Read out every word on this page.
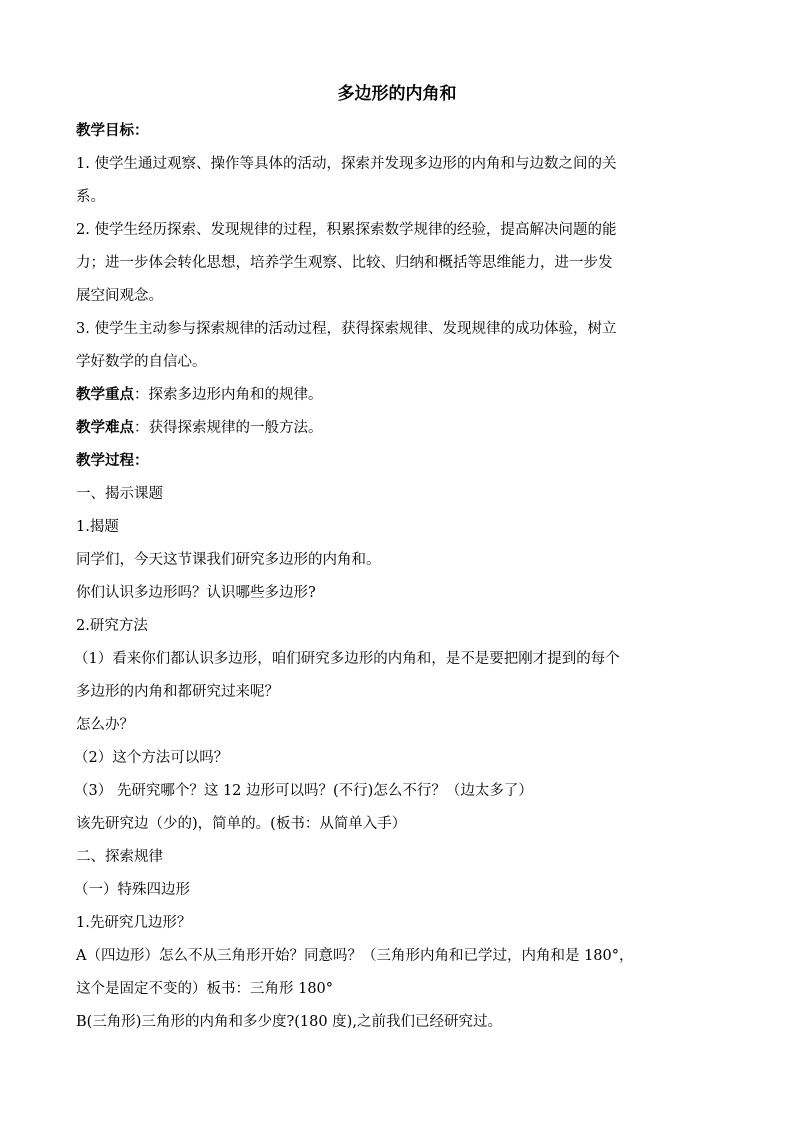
多边形的内角和
教学目标：
1. 使学生通过观察、操作等具体的活动，探索并发现多边形的内角和与边数之间的关
系。
2. 使学生经历探索、发现规律的过程，积累探索数学规律的经验，提高解决问题的能
力；进一步体会转化思想，培养学生观察、比较、归纳和概括等思维能力，进一步发
展空间观念。
3. 使学生主动参与探索规律的活动过程，获得探索规律、发现规律的成功体验，树立
学好数学的自信心。
教学重点：探索多边形内角和的规律。
教学难点：获得探索规律的一般方法。
教学过程：
一、揭示课题
1.揭题
同学们，今天这节课我们研究多边形的内角和。
你们认识多边形吗？认识哪些多边形?
2.研究方法
（1）看来你们都认识多边形，咱们研究多边形的内角和，是不是要把刚才提到的每个
多边形的内角和都研究过来呢？
怎么办？
（2）这个方法可以吗？
（3） 先研究哪个？这 12 边形可以吗？(不行)怎么不行？（边太多了）
该先研究边（少的)，简单的。(板书：从简单入手）
二、探索规律
（一）特殊四边形
1.先研究几边形？
A（四边形）怎么不从三角形开始？同意吗？（三角形内角和已学过，内角和是 180°，
这个是固定不变的）板书：三角形 180°
B(三角形)三角形的内角和多少度?(180 度),之前我们已经研究过。
